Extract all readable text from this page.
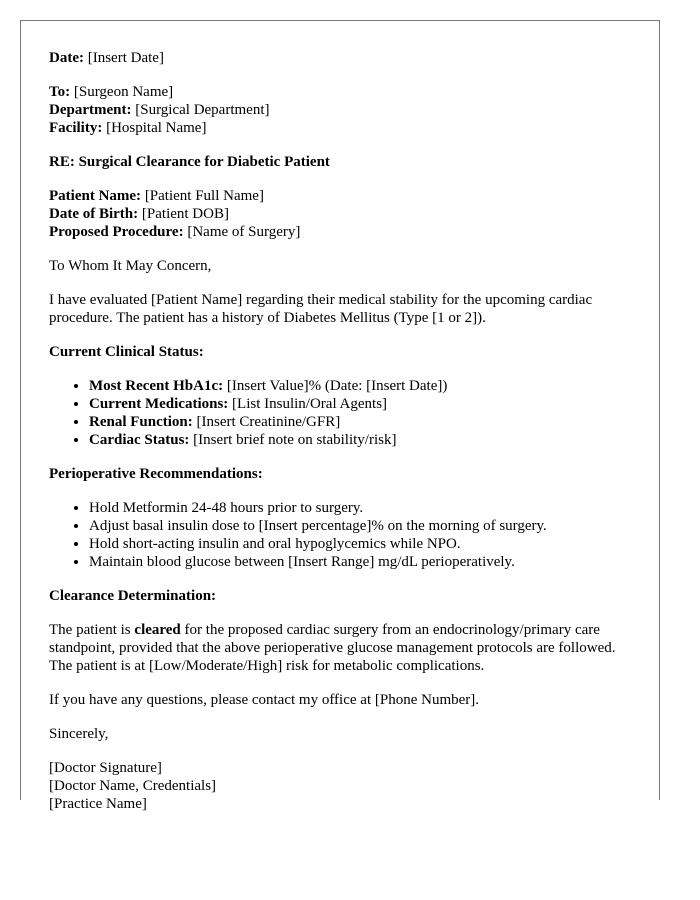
Date: [Insert Date]

To: [Surgeon Name]
Department: [Surgical Department]
Facility: [Hospital Name]

RE: Surgical Clearance for Diabetic Patient

Patient Name: [Patient Full Name]
Date of Birth: [Patient DOB]
Proposed Procedure: [Name of Surgery]

To Whom It May Concern,

I have evaluated [Patient Name] regarding their medical stability for the upcoming cardiac procedure. The patient has a history of Diabetes Mellitus (Type [1 or 2]).

Current Clinical Status:
• Most Recent HbA1c: [Insert Value]% (Date: [Insert Date])
• Current Medications: [List Insulin/Oral Agents]
• Renal Function: [Insert Creatinine/GFR]
• Cardiac Status: [Insert brief note on stability/risk]
Perioperative Recommendations:
• Hold Metformin 24-48 hours prior to surgery.
• Adjust basal insulin dose to [Insert percentage]% on the morning of surgery.
• Hold short-acting insulin and oral hypoglycemics while NPO.
• Maintain blood glucose between [Insert Range] mg/dL perioperatively.
Clearance Determination:

The patient is cleared for the proposed cardiac surgery from an endocrinology/primary care standpoint, provided that the above perioperative glucose management protocols are followed. The patient is at [Low/Moderate/High] risk for metabolic complications.

If you have any questions, please contact my office at [Phone Number].

Sincerely,

[Doctor Signature]
[Doctor Name, Credentials]
[Practice Name]
